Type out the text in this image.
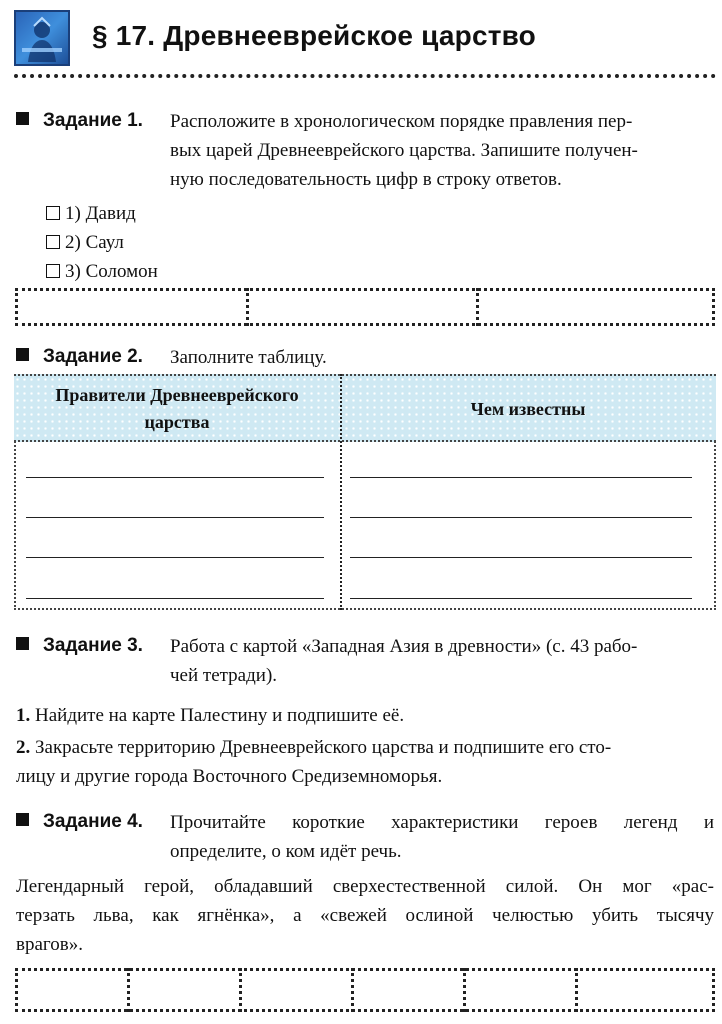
§ 17. Древнееврейское царство
Задание 1. Расположите в хронологическом порядке правления пер-
вых царей Древнееврейского царства. Запишите получен-
ную последовательность цифр в строку ответов.
1) Давид
2) Саул
3) Соломон
Задание 2. Заполните таблицу.
Правители Древнееврейского
царства
Чем известны
Задание 3. Работа с картой «Западная Азия в древности» (с. 43 рабо-
чей тетради).
1. Найдите на карте Палестину и подпишите её.
2. Закрасьте территорию Древнееврейского царства и подпишите его сто-
лицу и другие города Восточного Средиземноморья.
Задание 4. Прочитайте короткие характеристики героев легенд и
определите, о ком идёт речь.
Легендарный герой, обладавший сверхестественной силой. Он мог «рас-
терзать льва, как ягнёнка», а «свежей ослиной челюстью убить тысячу
врагов».
